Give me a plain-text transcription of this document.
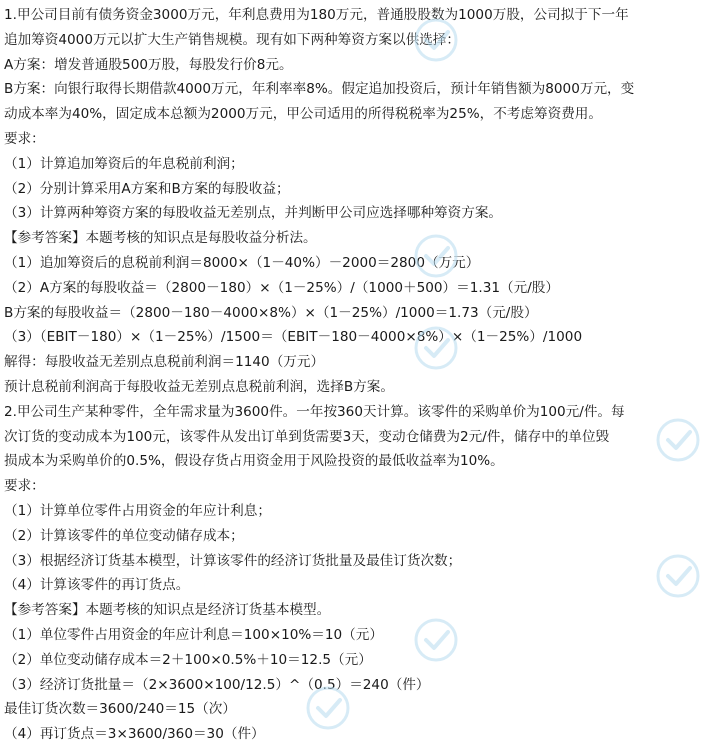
1.甲公司目前有债务资金3000万元，年利息费用为180万元，普通股股数为1000万股，公司拟于下一年
追加筹资4000万元以扩大生产销售规模。现有如下两种筹资方案以供选择：
A方案：增发普通股500万股，每股发行价8元。
B方案：向银行取得长期借款4000万元，年利率率8%。假定追加投资后，预计年销售额为8000万元，变
动成本率为40%，固定成本总额为2000万元，甲公司适用的所得税税率为25%，不考虑筹资费用。
要求：
（1）计算追加筹资后的年息税前利润；
（2）分别计算采用A方案和B方案的每股收益；
（3）计算两种筹资方案的每股收益无差别点，并判断甲公司应选择哪种筹资方案。
【参考答案】本题考核的知识点是每股收益分析法。
（1）追加筹资后的息税前利润＝8000×（1－40%）－2000＝2800（万元）
（2）A方案的每股收益＝（2800－180）×（1－25%）/（1000＋500）＝1.31（元/股）
B方案的每股收益＝（2800－180－4000×8%）×（1－25%）/1000＝1.73（元/股）
（3）（EBIT－180）×（1－25%）/1500＝（EBIT－180－4000×8%）×（1－25%）/1000
解得：每股收益无差别点息税前利润＝1140（万元）
预计息税前利润高于每股收益无差别点息税前利润，选择B方案。
2.甲公司生产某种零件，全年需求量为3600件。一年按360天计算。该零件的采购单价为100元/件。每
次订货的变动成本为100元，该零件从发出订单到货需要3天，变动仓储费为2元/件，储存中的单位毁
损成本为采购单价的0.5%，假设存货占用资金用于风险投资的最低收益率为10%。
要求：
（1）计算单位零件占用资金的年应计利息；
（2）计算该零件的单位变动储存成本；
（3）根据经济订货基本模型，计算该零件的经济订货批量及最佳订货次数；
（4）计算该零件的再订货点。
【参考答案】本题考核的知识点是经济订货基本模型。
（1）单位零件占用资金的年应计利息＝100×10%＝10（元）
（2）单位变动储存成本＝2＋100×0.5%＋10＝12.5（元）
（3）经济订货批量＝（2×3600×100/12.5）^（0.5）＝240（件）
最佳订货次数＝3600/240＝15（次）
（4）再订货点＝3×3600/360＝30（件）
